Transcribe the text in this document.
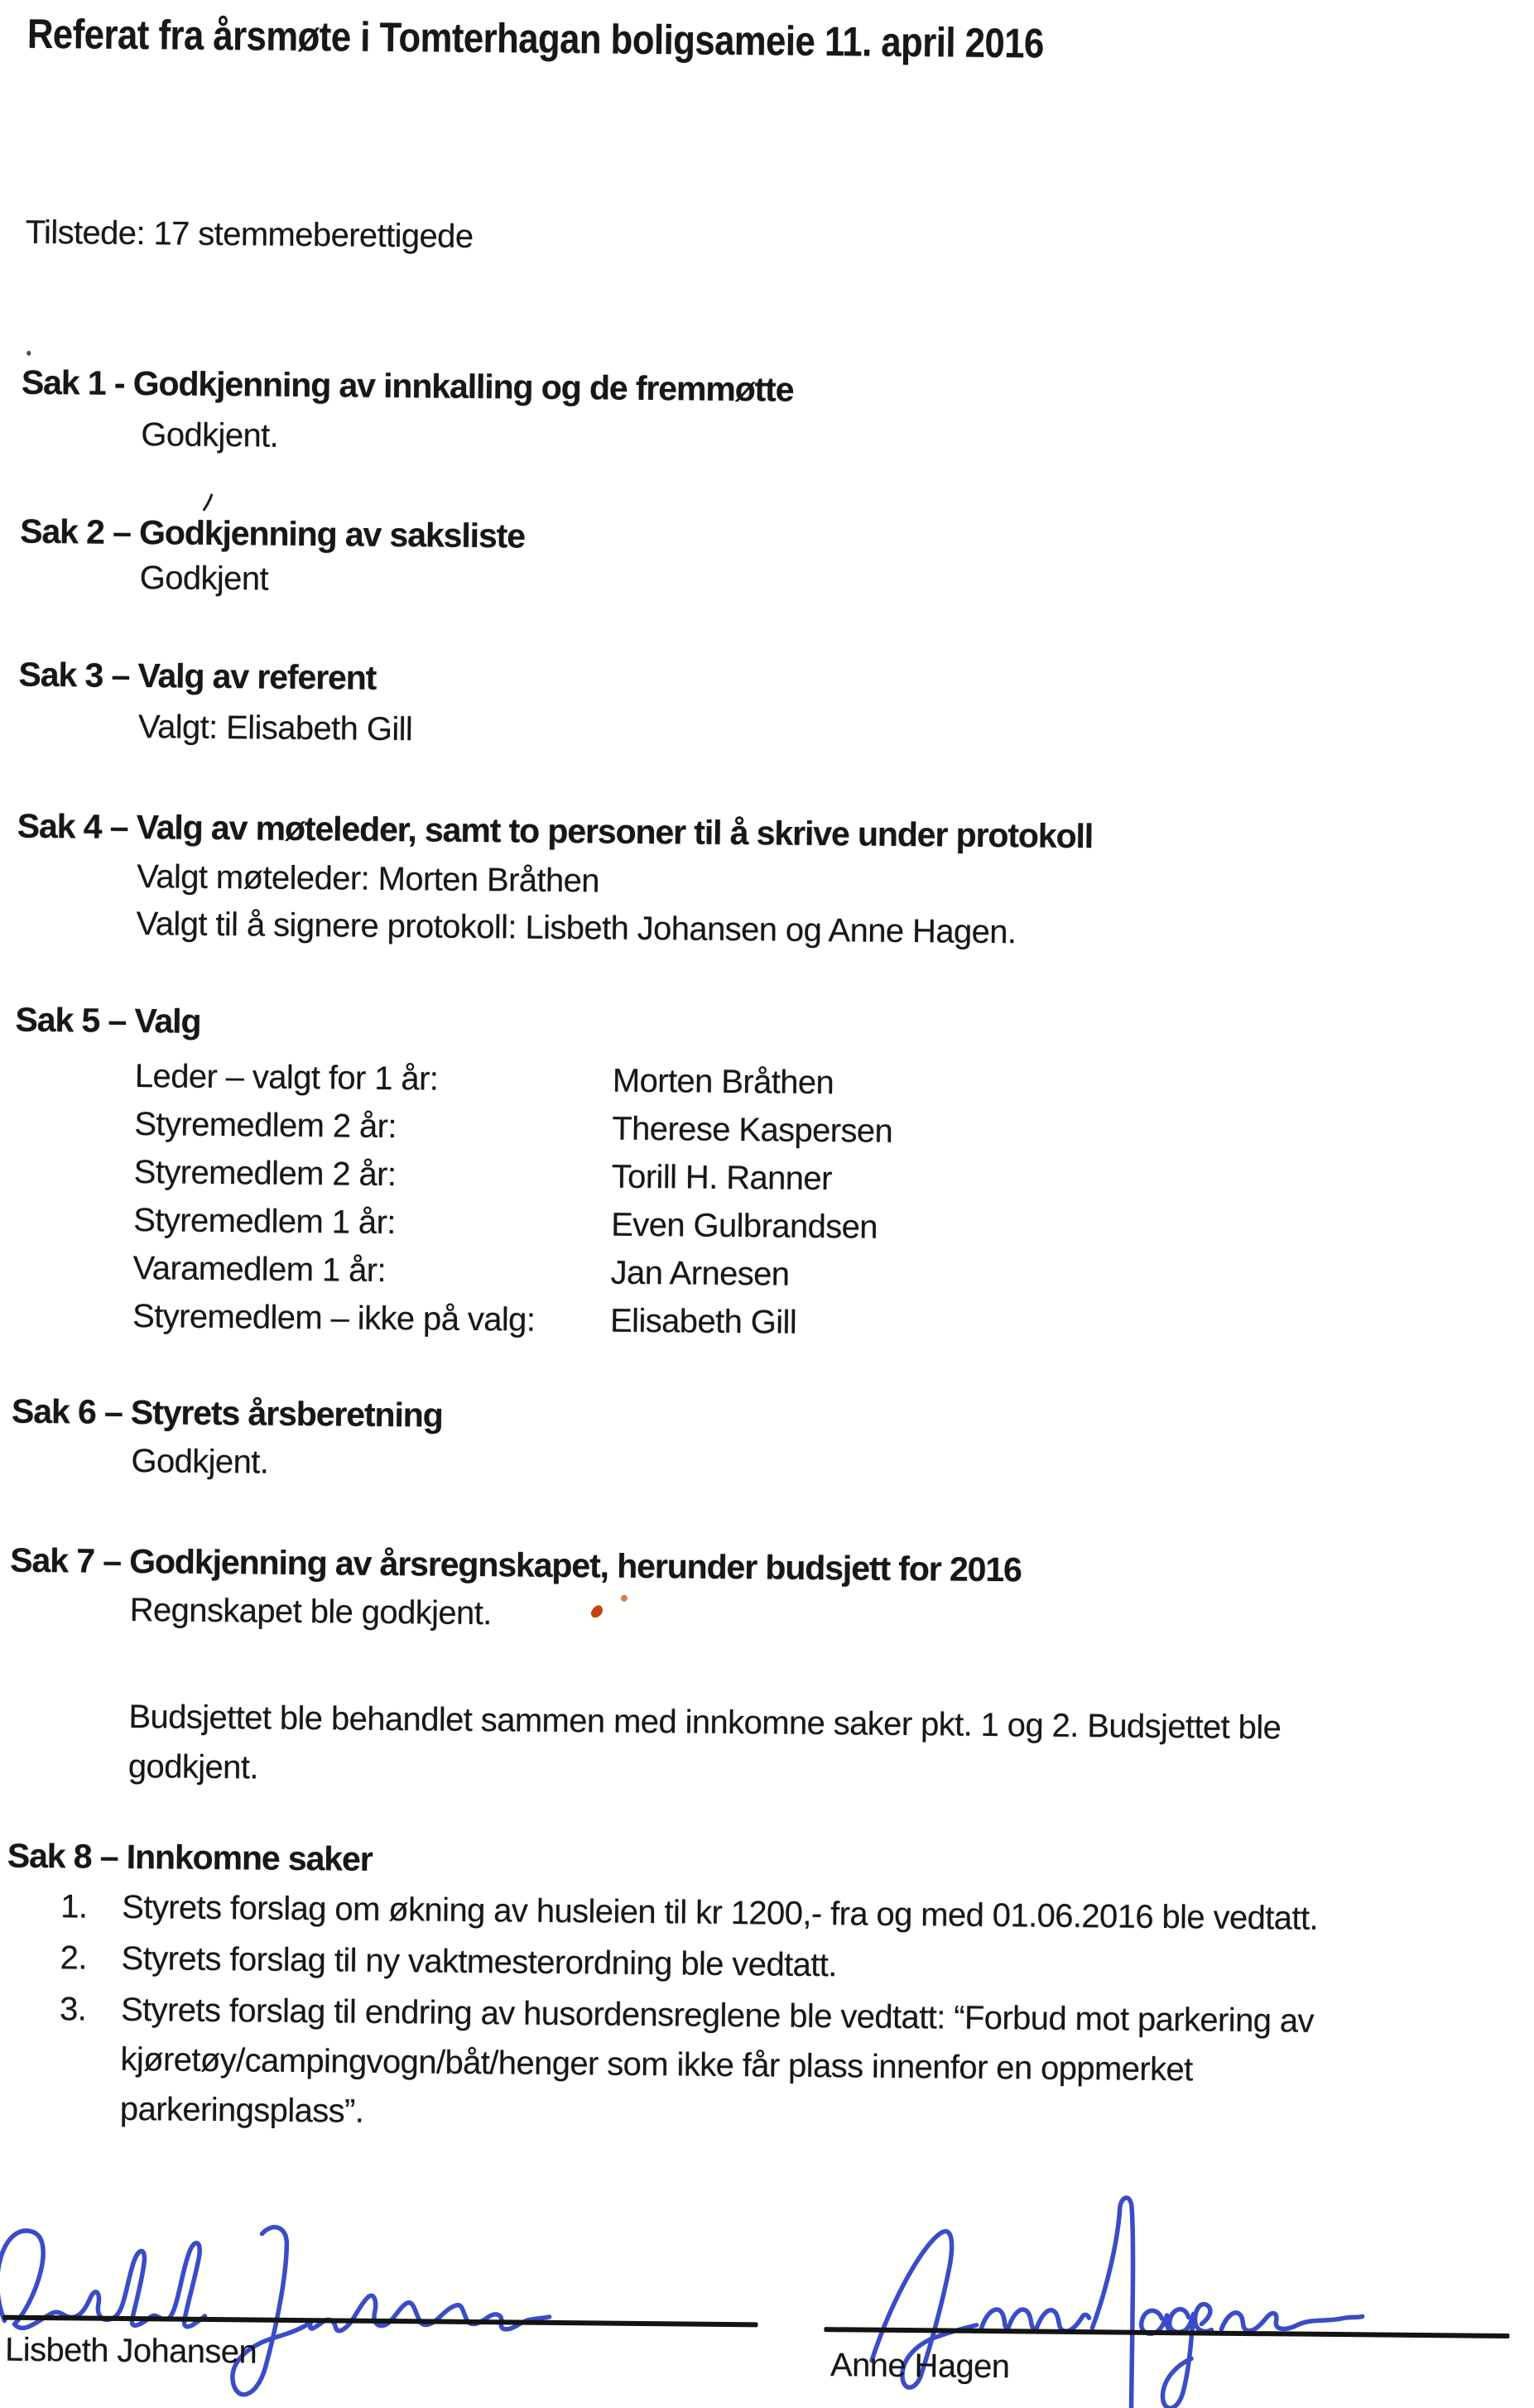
Referat fra årsmøte i Tomterhagan boligsameie 11. april 2016
Tilstede: 17 stemmeberettigede
Sak 1 - Godkjenning av innkalling og de fremmøtte
Godkjent.
Sak 2 – Godkjenning av saksliste
Godkjent
Sak 3 – Valg av referent
Valgt: Elisabeth Gill
Sak 4 – Valg av møteleder, samt to personer til å skrive under protokoll
Valgt møteleder: Morten Bråthen
Valgt til å signere protokoll: Lisbeth Johansen og Anne Hagen.
Sak 5 – Valg
Leder – valgt for 1 år:	Morten Bråthen
Styremedlem 2 år:	Therese Kaspersen
Styremedlem 2 år:	Torill H. Ranner
Styremedlem 1 år:	Even Gulbrandsen
Varamedlem 1 år:	Jan Arnesen
Styremedlem – ikke på valg:	Elisabeth Gill
Sak 6 – Styrets årsberetning
Godkjent.
Sak 7 – Godkjenning av årsregnskapet, herunder budsjett for 2016
Regnskapet ble godkjent.
Budsjettet ble behandlet sammen med innkomne saker pkt. 1 og 2. Budsjettet ble
godkjent.
Sak 8 – Innkomne saker
1.	Styrets forslag om økning av husleien til kr 1200,- fra og med 01.06.2016 ble vedtatt.
2.	Styrets forslag til ny vaktmesterordning ble vedtatt.
3.	Styrets forslag til endring av husordensreglene ble vedtatt: “Forbud mot parkering av
kjøretøy/campingvogn/båt/henger som ikke får plass innenfor en oppmerket
parkeringsplass”.
Lisbeth Johansen	Anne Hagen
